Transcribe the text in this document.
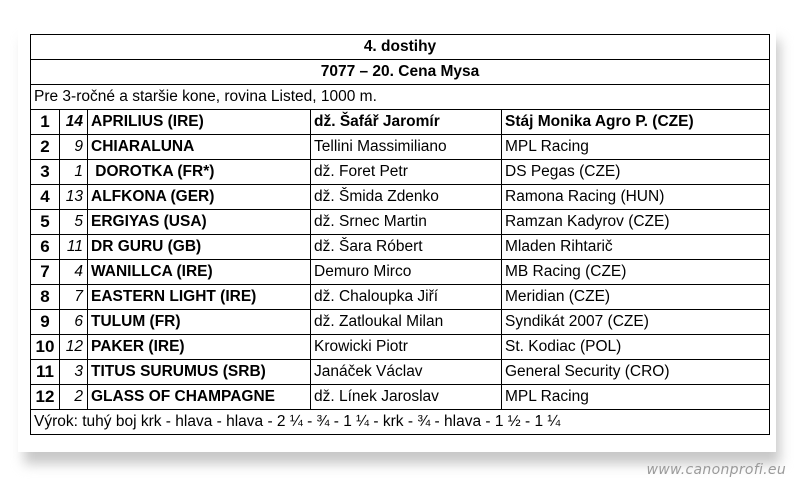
4. dostihy				
7077 – 20. Cena Mysa				
Pre 3-ročné a staršie kone, rovina Listed, 1000 m.				
1	14	APRILIUS (IRE)	dž. Šafář Jaromír	Stáj Monika Agro P. (CZE)
2	9	CHIARALUNA	Tellini Massimiliano	MPL Racing
3	1	DOROTKA (FR*)	dž. Foret Petr	DS Pegas (CZE)
4	13	ALFKONA (GER)	dž. Šmida Zdenko	Ramona Racing (HUN)
5	5	ERGIYAS (USA)	dž. Srnec Martin	Ramzan Kadyrov (CZE)
6	11	DR GURU (GB)	dž. Šara Róbert	Mladen Rihtarič
7	4	WANILLCA (IRE)	Demuro Mirco	MB Racing (CZE)
8	7	EASTERN LIGHT (IRE)	dž. Chaloupka Jiří	Meridian (CZE)
9	6	TULUM (FR)	dž. Zatloukal Milan	Syndikát 2007 (CZE)
10	12	PAKER (IRE)	Krowicki Piotr	St. Kodiac (POL)
11	3	TITUS SURUMUS (SRB)	Janáček Václav	General Security (CRO)
12	2	GLASS OF CHAMPAGNE	dž. Línek Jaroslav	MPL Racing
Výrok: tuhý boj krk - hlava - hlava - 2 ¼ - ¾ - 1 ¼ - krk - ¾ - hlava - 1 ½ - 1 ¼				
www.canonprofi.eu
